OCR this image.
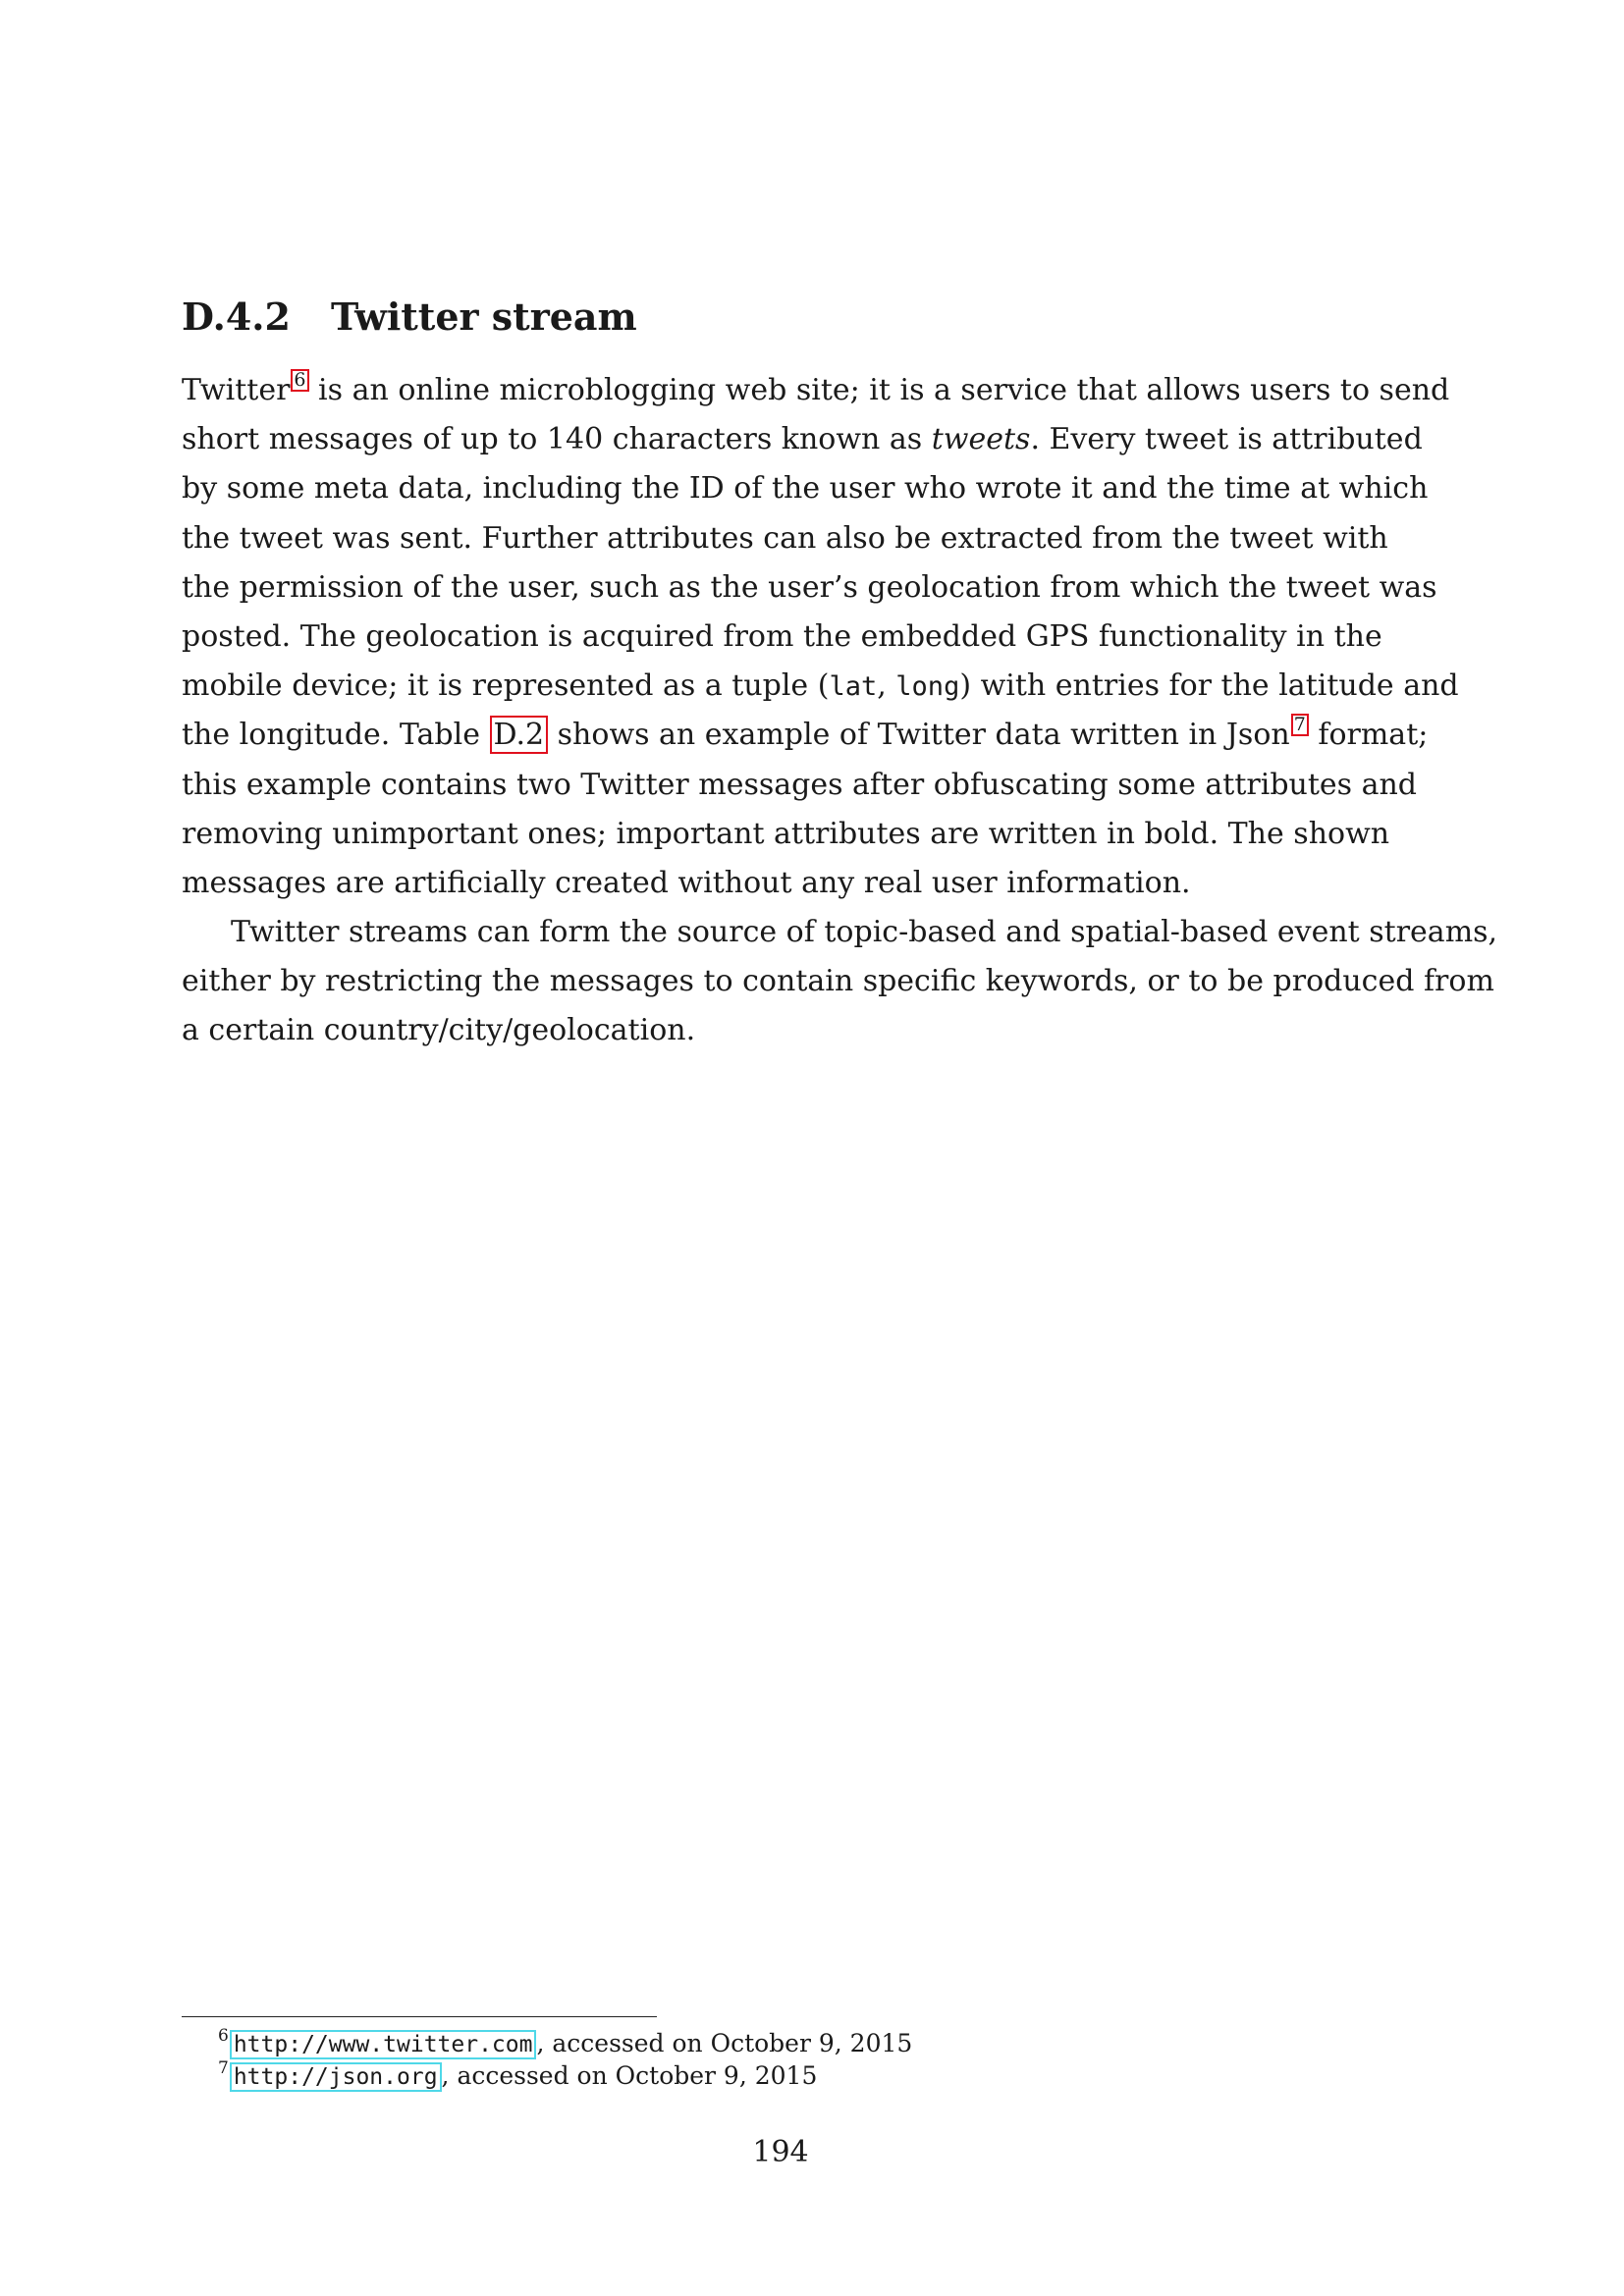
D.4.2 Twitter stream
Twitter 6 is an online microblogging web site; it is a service that allows users to send
short messages of up to 140 characters known as tweets. Every tweet is attributed
by some meta data, including the ID of the user who wrote it and the time at which
the tweet was sent. Further attributes can also be extracted from the tweet with
the permission of the user, such as the user’s geolocation from which the tweet was
posted. The geolocation is acquired from the embedded GPS functionality in the
mobile device; it is represented as a tuple (lat, long) with entries for the latitude and
the longitude. Table D.2 shows an example of Twitter data written in Json 7 format;
this example contains two Twitter messages after obfuscating some attributes and
removing unimportant ones; important attributes are written in bold. The shown
messages are artificially created without any real user information.
Twitter streams can form the source of topic-based and spatial-based event streams,
either by restricting the messages to contain specific keywords, or to be produced from
a certain country/city/geolocation.
$^6$ http://www.twitter.com , accessed on October 9, 2015
$^7$ http://json.org , accessed on October 9, 2015
194
